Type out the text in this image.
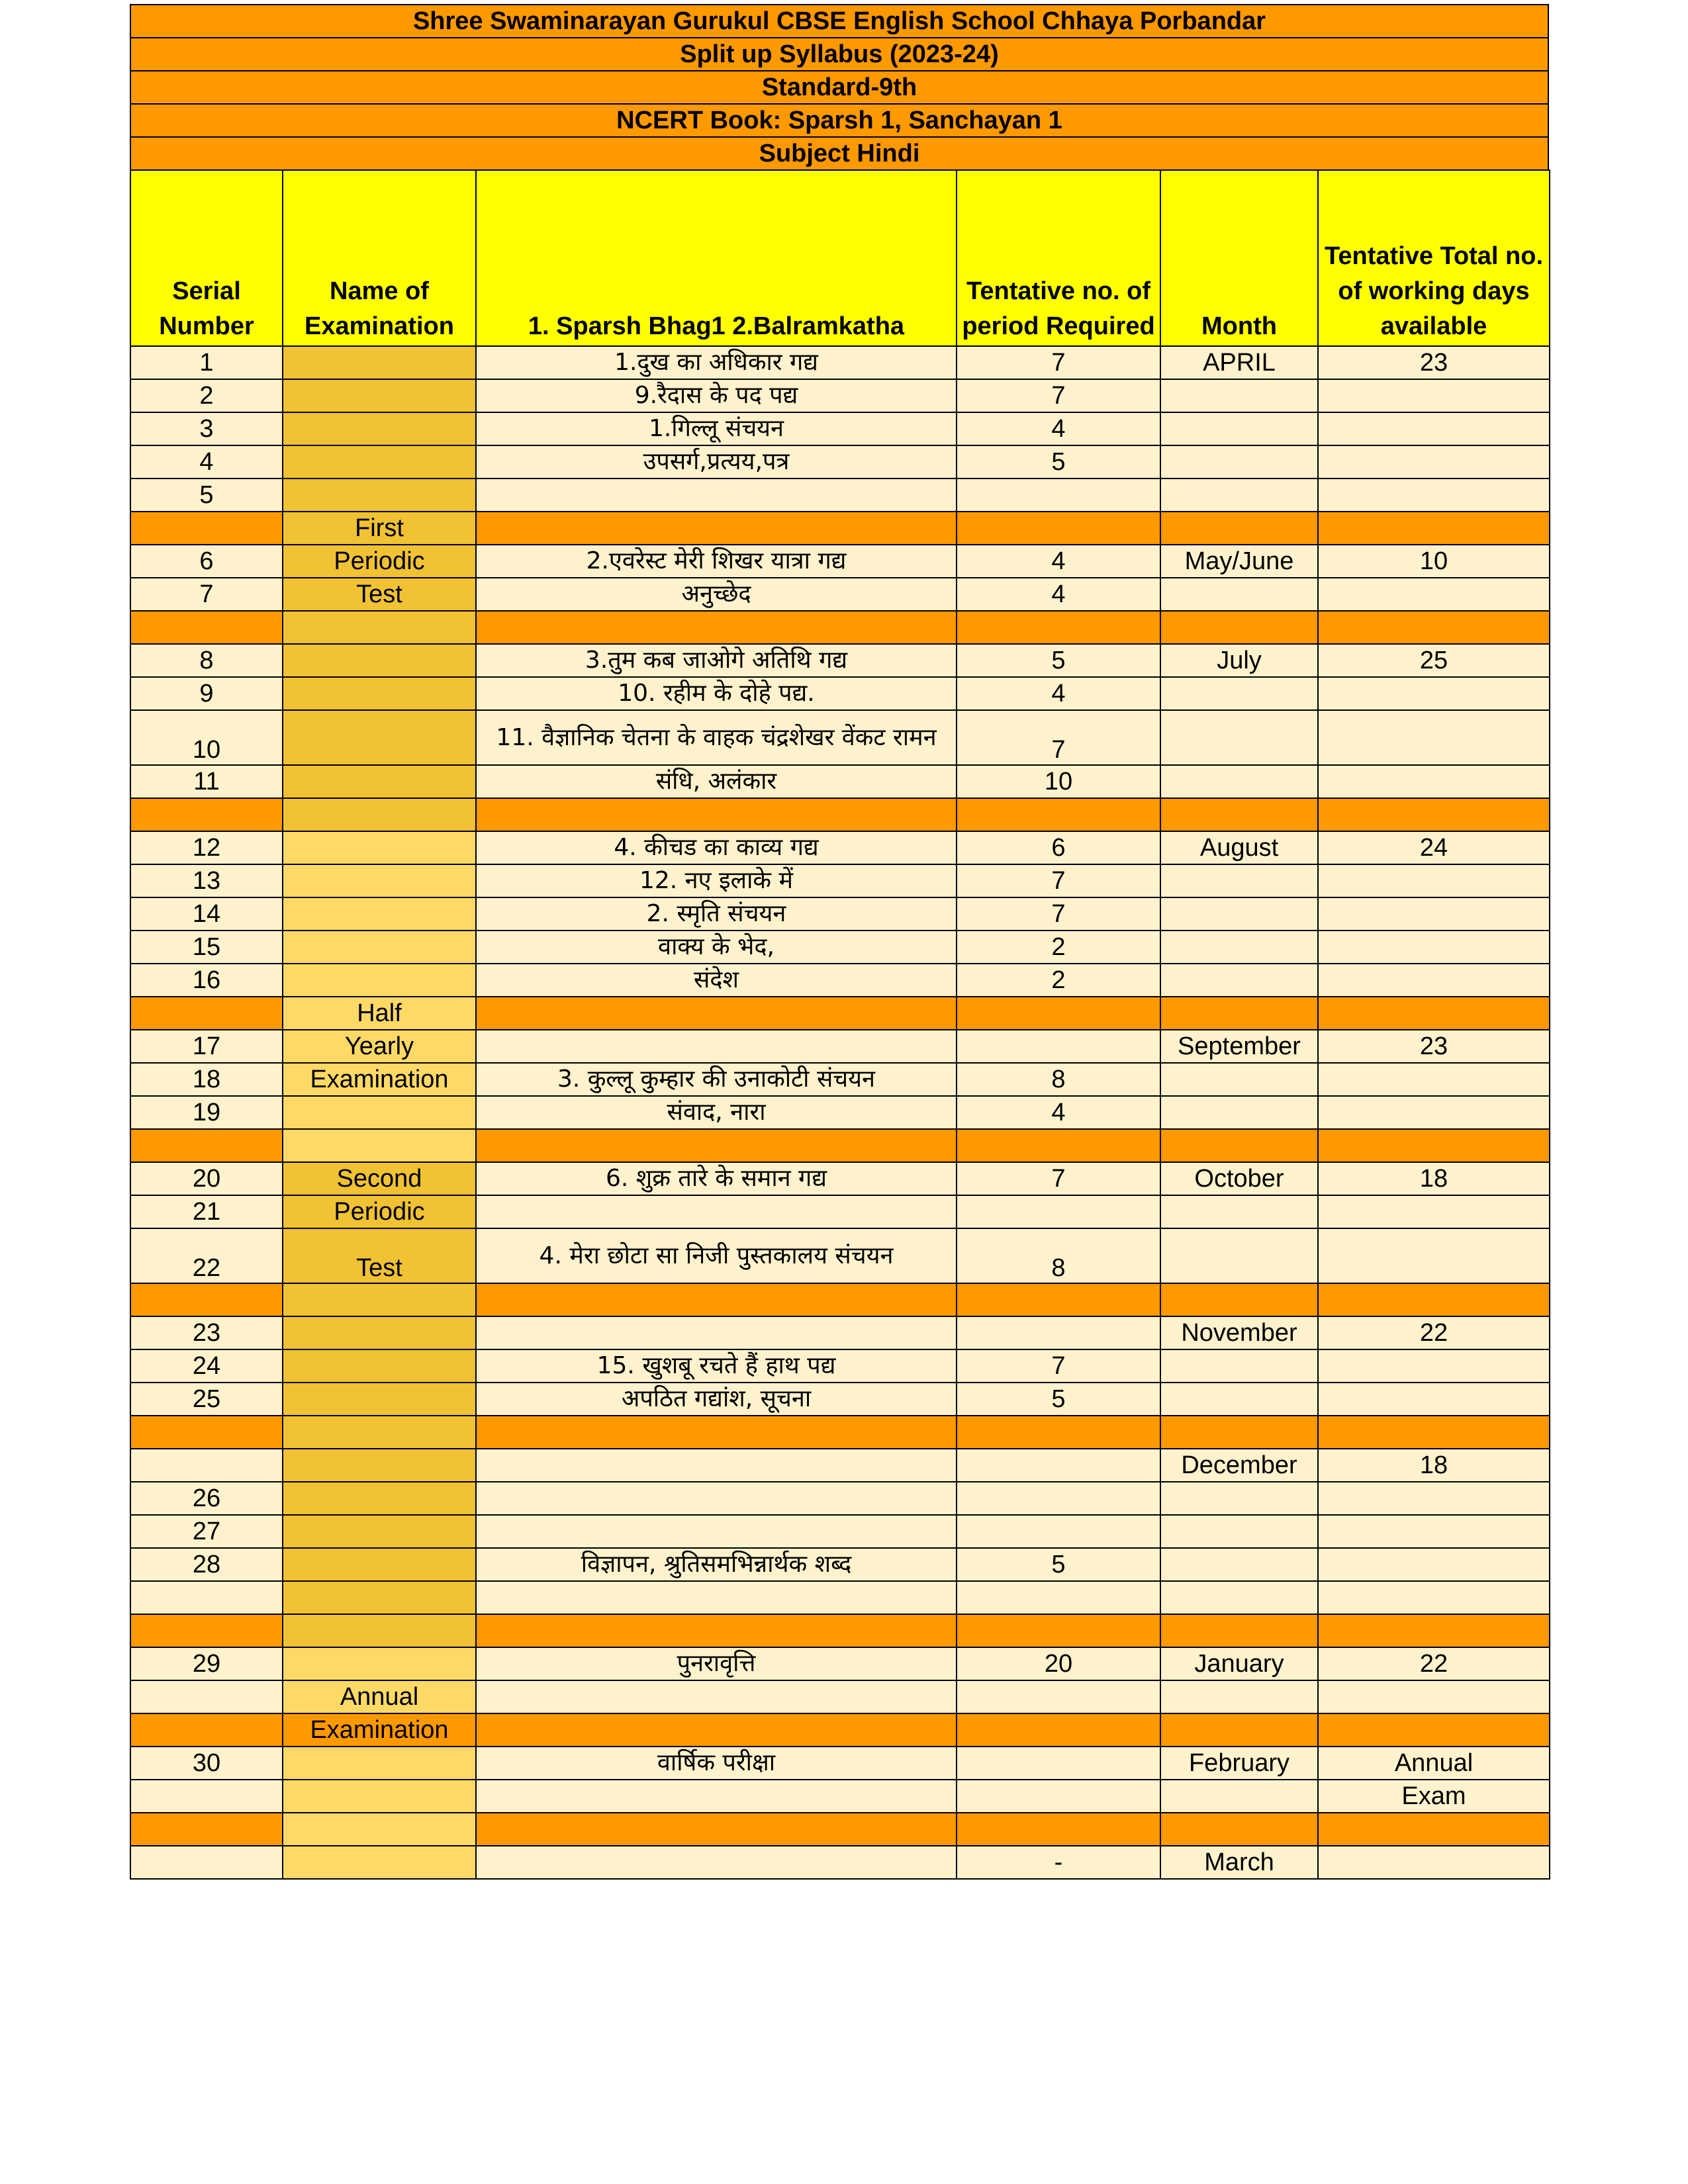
Shree Swaminarayan Gurukul CBSE English School Chhaya Porbandar
Split up Syllabus (2023-24)
Standard-9th
NCERT Book: Sparsh 1, Sanchayan 1
Subject Hindi
Serial Number	Name of Examination	1. Sparsh Bhag1 2.Balramkatha	Tentative no. of period Required	Month	Tentative Total no. of working days available
1		1.दुख का अधिकार गद्य	7	APRIL	23
2		9.रैदास के पद पद्य	7		
3		1.गिल्लू संचयन	4		
4		उपसर्ग,प्रत्यय,पत्र	5		
5					
	First				
6	Periodic	2.एवरेस्ट मेरी शिखर यात्रा गद्य	4	May/June	10
7	Test	अनुच्छेद	4		

8		3.तुम कब जाओगे अतिथि गद्य	5	July	25
9		10. रहीम के दोहे पद्य.	4		
10		11. वैज्ञानिक चेतना के वाहक चंद्रशेखर वेंकट रामन	7		
11		संधि, अलंकार	10		

12		4. कीचड का काव्य गद्य	6	August	24
13		12. नए इलाके में	7		
14		2. स्मृति संचयन	7		
15		वाक्य के भेद,	2		
16		संदेश	2		
	Half				
17	Yearly			September	23
18	Examination	3. कुल्लू कुम्हार की उनाकोटी संचयन	8		
19		संवाद, नारा	4		

20	Second	6. शुक्र तारे के समान गद्य	7	October	18
21	Periodic				
22	Test	4. मेरा छोटा सा निजी पुस्तकालय संचयन	8		

23				November	22
24		15. खुशबू रचते हैं हाथ पद्य	7		
25		अपठित गद्यांश, सूचना	5		

				December	18
26					
27					
28		विज्ञापन, श्रुतिसमभिन्नार्थक शब्द	5		

29		पुनरावृत्ति	20	January	22
	Annual				
	Examination				
30		वार्षिक परीक्षा		February	Annual
					Exam

			-	March	
